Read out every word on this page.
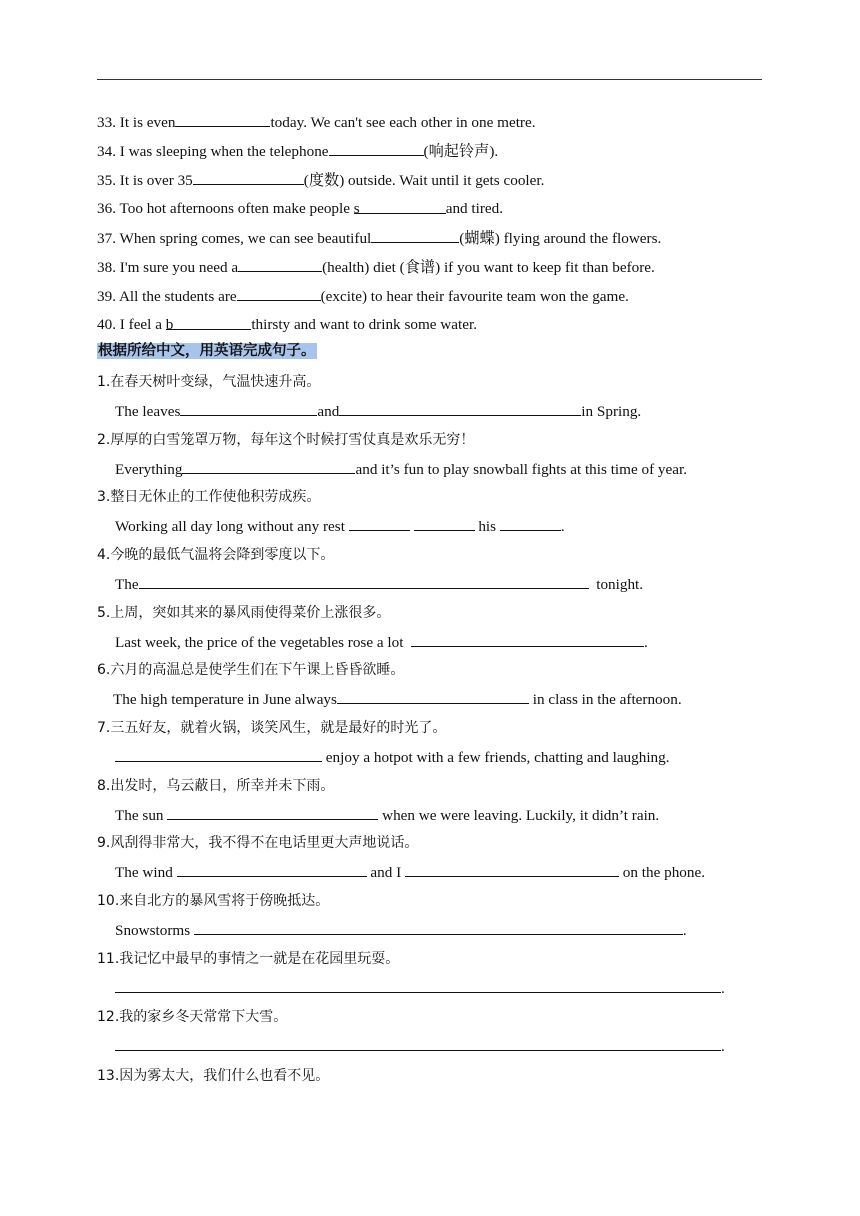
33. It is even	today. We can't see each other in one metre.
34. I was sleeping when the telephone	(响起铃声).
35. It is over 35	(度数) outside. Wait until it gets cooler.
36. Too hot afternoons often make people s	and tired.
37. When spring comes, we can see beautiful	(蝴蝶) flying around the flowers.
38. I'm sure you need a	(health) diet (食谱) if you want to keep fit than before.
39. All the students are	(excite) to hear their favourite team won the game.
40. I feel a b	thirsty and want to drink some water.
根据所给中文，用英语完成句子。
1.在春天树叶变绿，气温快速升高。
The leaves	and	in Spring.
2.厚厚的白雪笼罩万物，每年这个时候打雪仗真是欢乐无穷！
Everything	and it’s fun to play snowball fights at this time of year.
3.整日无休止的工作使他积劳成疾。
Working all day long without any rest	his	.
4.今晚的最低气温将会降到零度以下。
The	tonight.
5.上周，突如其来的暴风雨使得菜价上涨很多。
Last week, the price of the vegetables rose a lot	.
6.六月的高温总是使学生们在下午课上昏昏欲睡。
The high temperature in June always	in class in the afternoon.
7.三五好友，就着火锅，谈笑风生，就是最好的时光了。
enjoy a hotpot with a few friends, chatting and laughing.
8.出发时，乌云蔽日，所幸并未下雨。
The sun	when we were leaving. Luckily, it didn’t rain.
9.风刮得非常大，我不得不在电话里更大声地说话。
The wind	and I	on the phone.
10.来自北方的暴风雪将于傍晚抵达。
Snowstorms	.
11.我记忆中最早的事情之一就是在花园里玩耍。
.
12.我的家乡冬天常常下大雪。
.
13.因为雾太大，我们什么也看不见。
